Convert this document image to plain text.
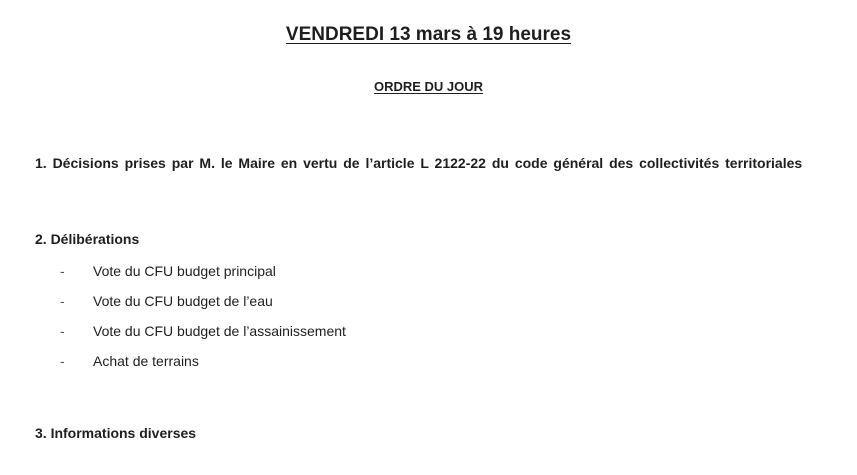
VENDREDI 13 mars à 19 heures
ORDRE DU JOUR

1. Décisions prises par M. le Maire en vertu de l’article L 2122-22 du code général des collectivités territoriales

2. Délibérations

-	Vote du CFU budget principal
-	Vote du CFU budget de l’eau
-	Vote du CFU budget de l’assainissement
-	Achat de terrains

3. Informations diverses
